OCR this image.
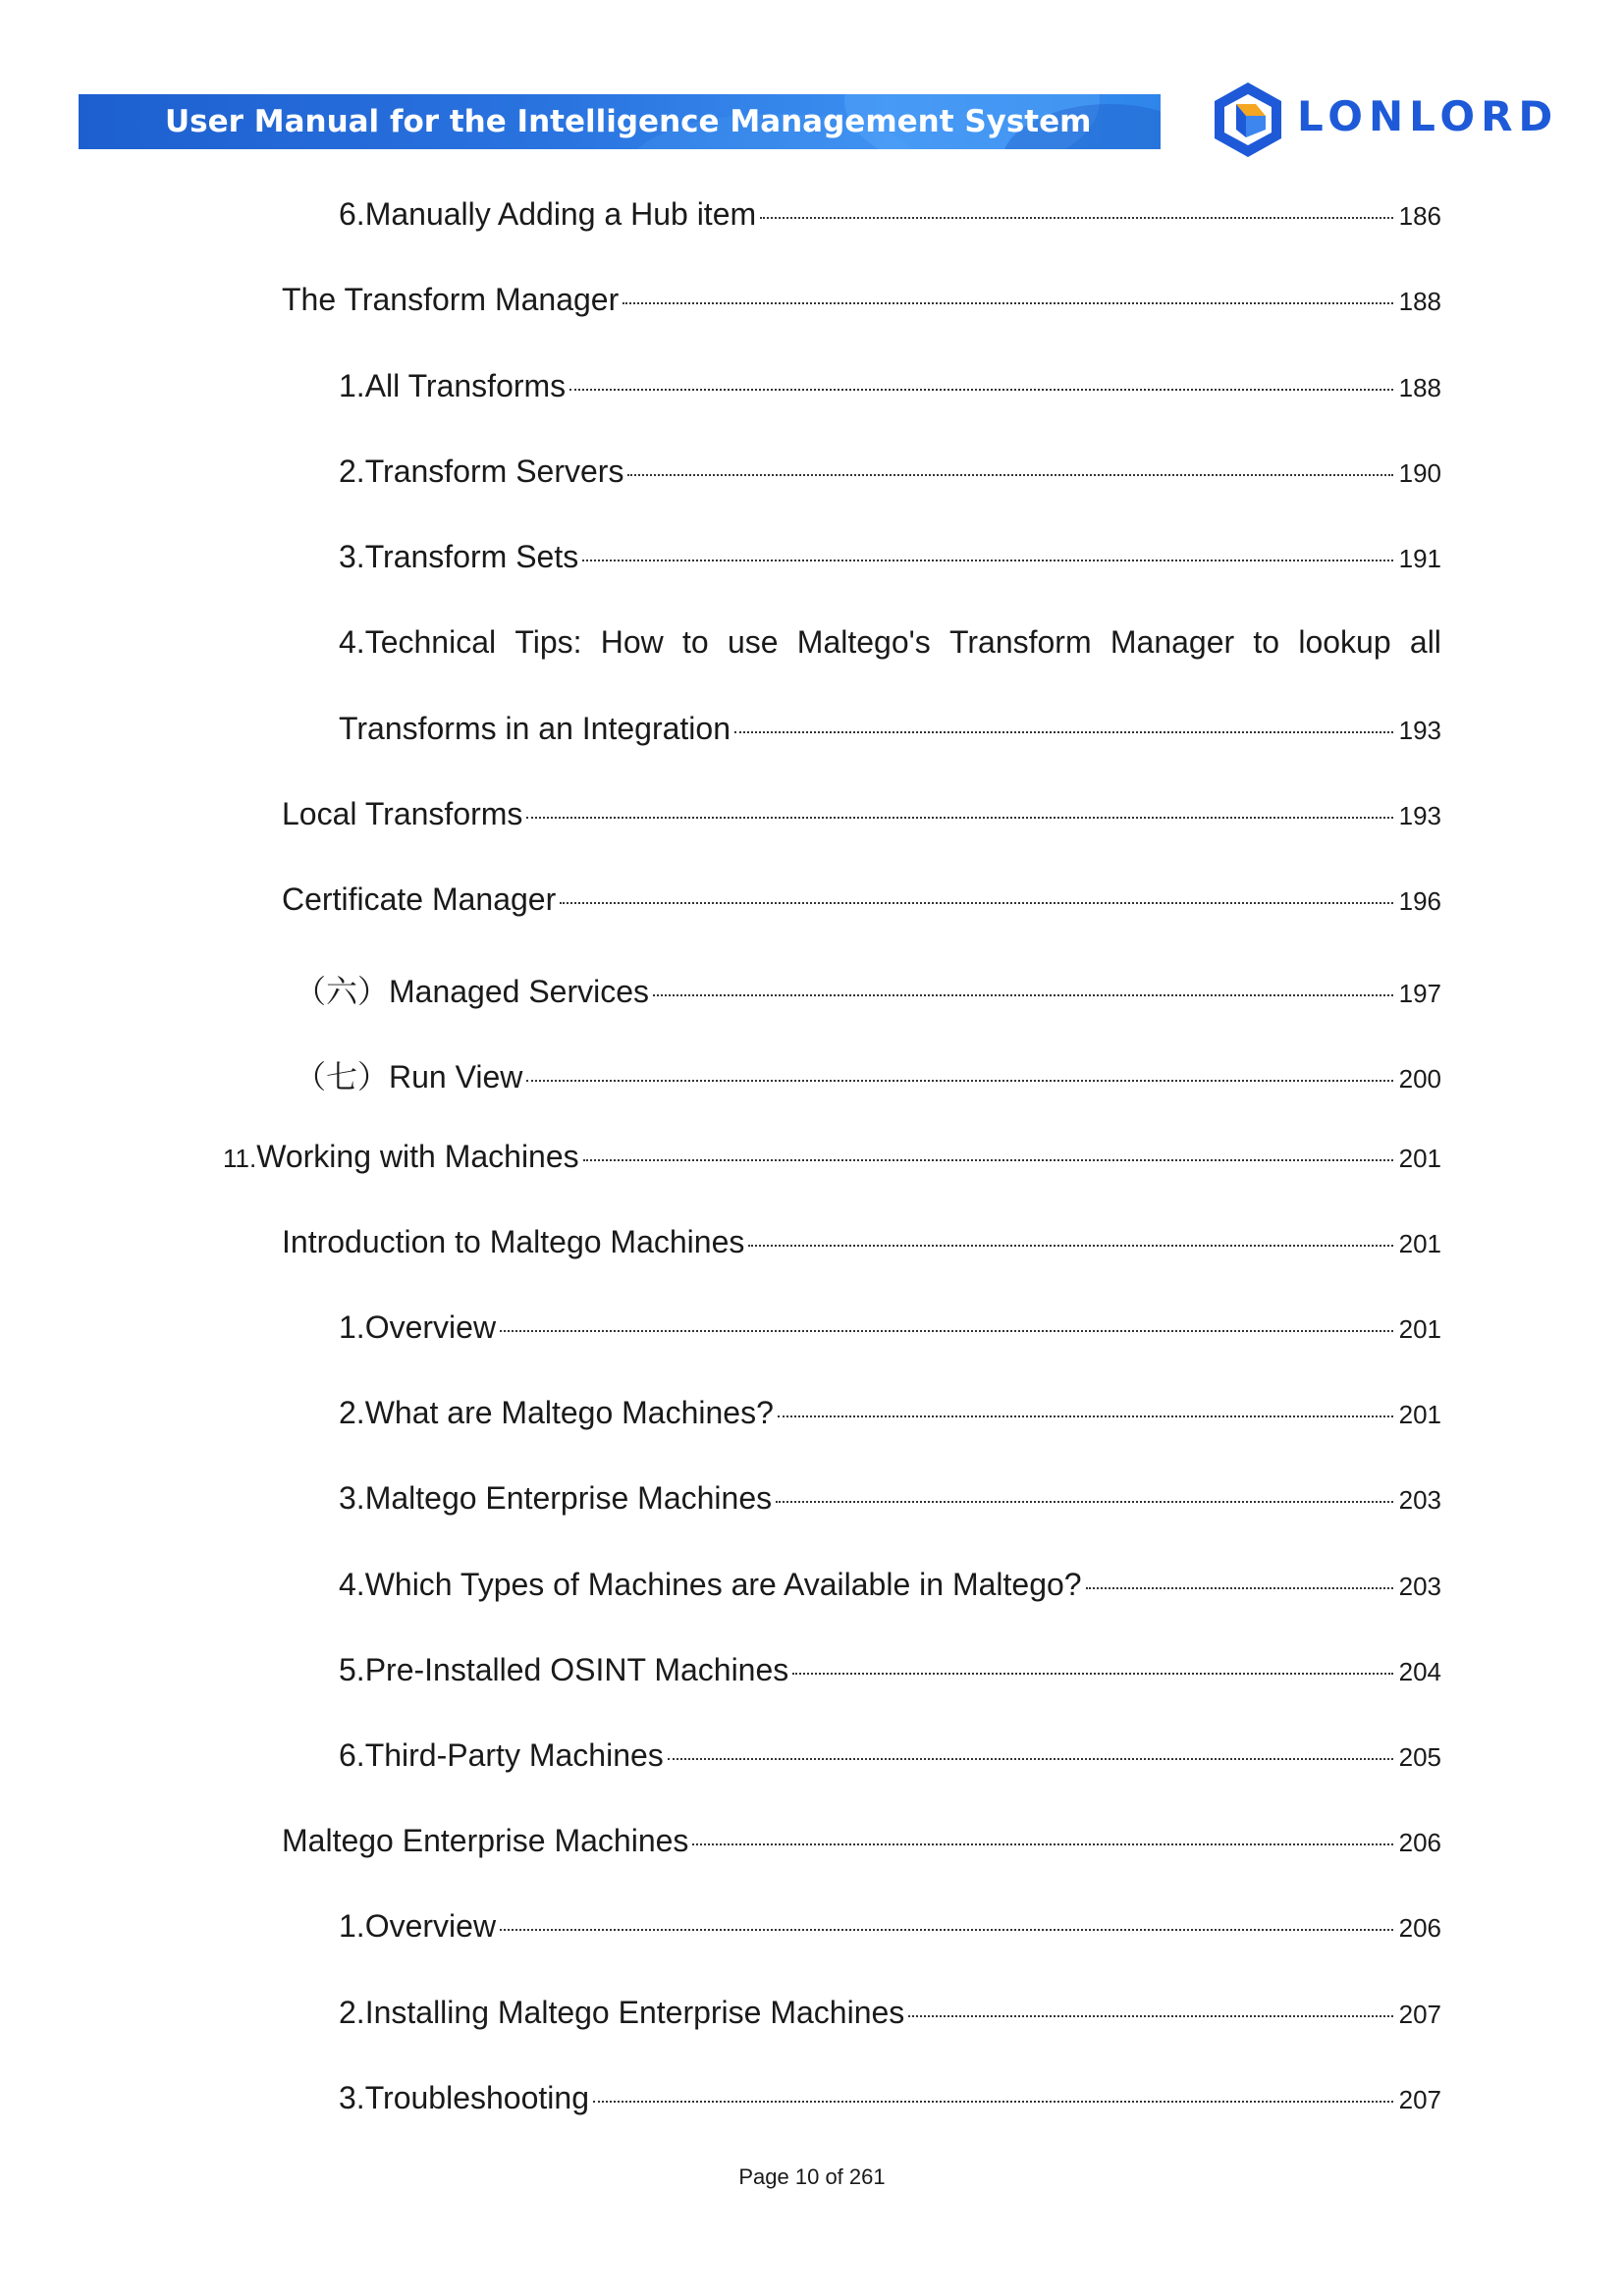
User Manual for the Intelligence Management System	LONLORD
6.Manually Adding a Hub item	186
The Transform Manager	188
1.All Transforms	188
2.Transform Servers	190
3.Transform Sets	191
4.Technical Tips: How to use Maltego's Transform Manager to lookup all
Transforms in an Integration	193
Local Transforms	193
Certificate Manager	196
（六）Managed Services	197
（七）Run View	200
11. Working with Machines	201
Introduction to Maltego Machines	201
1.Overview	201
2.What are Maltego Machines?	201
3.Maltego Enterprise Machines	203
4.Which Types of Machines are Available in Maltego?	203
5.Pre-Installed OSINT Machines	204
6.Third-Party Machines	205
Maltego Enterprise Machines	206
1.Overview	206
2.Installing Maltego Enterprise Machines	207
3.Troubleshooting	207
Page 10 of 261
